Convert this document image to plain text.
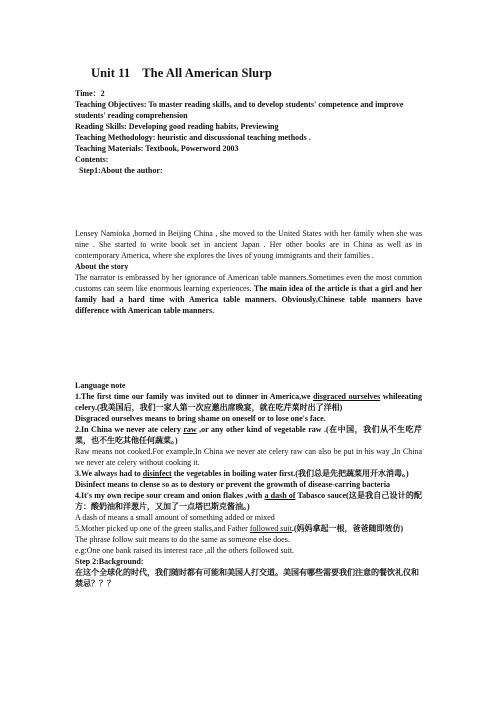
Unit 11 The All American Slurp

Time：2

Teaching Objectives: To master reading skills, and to develop students' competence and improve students' reading comprehension

Reading Skills: Developing good reading habits, Previewing

Teaching Methodology: heuristic and discussional teaching methods .

Teaching Materials: Textbook, Powerword 2003

Contents:

Step1:About the author:

Lensey Namioka ,borned in Beijing China , she moved to the United States with her family when she was nine . She started to write book set in ancient Japan . Her other books are in China as well as in contemporary America, where she explores the lives of young immigrants and their families .

About the story

The narrator is embrassed by her ignorance of American table manners.Sometimes even the most common customs can seem like enormous learning experiences. The main idea of the article is that a girl and her family had a hard time with America table manners. Obviously,Chinese table manners have difference with American table manners.

Language note

1.The first time our family was invited out to dinner in America,we disgraced ourselves whileeating celery.(我美国后，我们一家人第一次应邀出席晚宴，就在吃芹菜时出了洋相)

Disgraced ourselves means to bring shame on oneself or to lose one's face.

2.In China we never ate celery raw ,or any other kind of vegetable raw .(在中国，我们从不生吃芹菜，也不生吃其他任何蔬菜。)

Raw means not cooked.For example,In China we never ate celery raw can also be put in his way ,In China we never ate celery without cooking it.

3.We always had to disinfect the vegetables in boiling water first.(我们总是先把蔬菜用开水消毒。)

Disinfect means to clense so as to destory or prevent the growmth of disease-carring bacteria

4.It's my own recipe sour cream and onion flakes ,with a dash of Tabasco sauce(这是我自己设计的配方：酸奶油和洋葱片，又加了一点塔巴斯克酱油。)

A dash of means a small amount of something added or mixed

5.Mother picked up one of the green stalks,and Father followed suit.(妈妈拿起一根，爸爸随即效仿)

The phrase follow suit means to do the same as someone else does.

e.g:One one bank raised its interest race ,all the others followed suit.

Step 2:Background:

在这个全球化的时代，我们随时都有可能和美国人打交道。美国有哪些需要我们注意的餐饮礼仪和禁忌？？？
